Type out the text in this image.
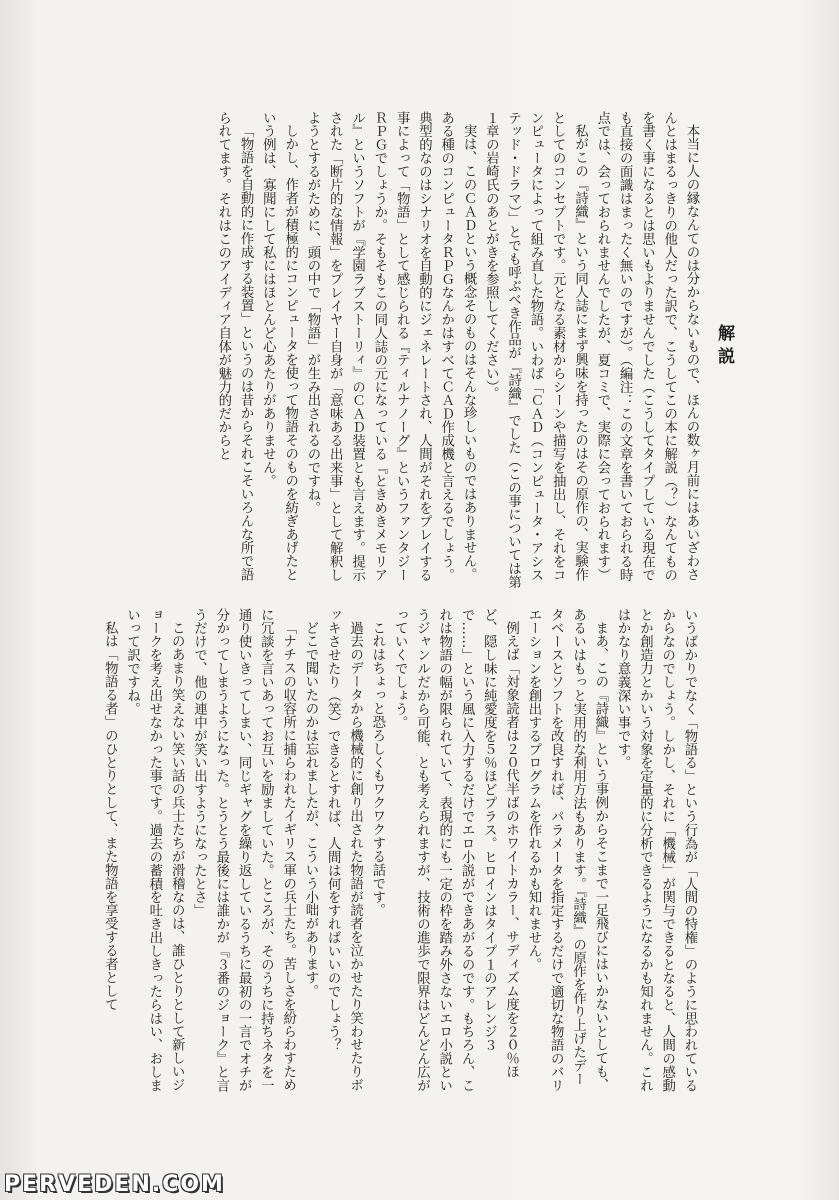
解説

本当に人の縁なんてのは分からないもので、ほんの数ヶ月前にはあいざわさんとはまるっきりの他人だった訳で、こうしてこの本に解説（？）なんてものを書く事になるとは思いもよりませんでした（こうしてタイプしている現在でも直接の面識はまったく無いのですが）。（編注：この文章を書いておられる時点では、会っておられませんでしたが、夏コミで、実際に会っておられます）

私がこの『詩織』という同人誌にまず興味を持ったのはその原作の、実験作としてのコンセプトです。元となる素材からシーンや描写を抽出し、それをコンピュータによって組み直した物語。いわば「ＣＡＤ（コンピュータ・アシステッド・ドラマ）」とでも呼ぶべき作品が『詩織』でした（この事については第１章の岩崎氏のあとがきを参照してください）。

実は、このＣＡＤという概念そのものはそんな珍しいものではありません。ある種のコンピュータＲＰＧなんかはすべてＣＡＤ作成機と言えるでしょう。典型的なのはシナリオを自動的にジェネレートされ、人間がそれをプレイする事によって「物語」として感じられる『ティルナノーグ』というファンタジーＲＰＧでしょうか。そもそもこの同人誌の元になっている『ときめきメモリアル』というソフトが『学園ラブストーリィ』のＣＡＤ装置とも言えます。提示された「断片的な情報」をプレイヤー自身が「意味ある出来事」として解釈しようとするがために、頭の中で「物語」が生み出されるのですね。

しかし、作者が積極的にコンピュータを使って物語そのものを紡ぎあげたという例は、寡聞にして私にはほとんど心あたりがありません。

「物語を自動的に作成する装置」というのは昔からそれこそいろんな所で語られてます。それはこのアイディア自体が魅力的だからと

いうばかりでなく「物語る」という行為が「人間の特権」のように思われているからなのでしょう。しかし、それに「機械」が関与できるとなると、人間の感動とか創造力とかいう対象を定量的に分析できるようになるかも知れません。これはかなり意義深い事です。

まあ、この『詩織』という事例からそこまで一足飛びにはいかないとしても、あるいはもっと実用的な利用方法もあります。『詩織』の原作を作り上げたデータベースとソフトを改良すれば、パラメータを指定するだけで適切な物語のバリエーションを創出するプログラムを作れるかも知れません。

例えば「対象読者は２０代半ばのホワイトカラー、サディズム度を２０％ほど、隠し味に純愛度を５％ほどプラス。ヒロインはタイプ１のアレンジ３で……」という風に入力するだけでエロ小説ができあがるのです。もちろん、これは物語の幅が限られていて、表現的にも一定の枠を踏み外さないエロ小説というジャンルだから可能、とも考えられますが、技術の進歩で限界はどんどん広がっていくでしょう。

これはちょっと恐ろしくもワクワクする話です。

過去のデータから機械的に創り出された物語が読者を泣かせたり笑わせたりボッキさせたり（笑）できるとすれば、人間は何をすればいいのでしょう？

どこで聞いたのかは忘れましたが、こういう小咄があります。

「ナチスの収容所に捕らわれたイギリス軍の兵士たち。苦しさを紛らわすために冗談を言いあってお互いを励ましていた。ところが、そのうちに持ちネタを一通り使いきってしまい、同じギャグを繰り返しているうちに最初の一言でオチが分かってしまうようになった。とうとう最後には誰かが『３番のジョーク』と言うだけで、他の連中が笑い出すようになったとさ」

このあまり笑えない笑い話の兵士たちが滑稽なのは、誰ひとりとして新しいジョークを考え出せなかった事です。過去の蓄積を吐き出しきったらはい、おしまいって訳ですね。

私は「物語る者」のひとりとして、また物語を享受する者として

PERVEDEN.COM
